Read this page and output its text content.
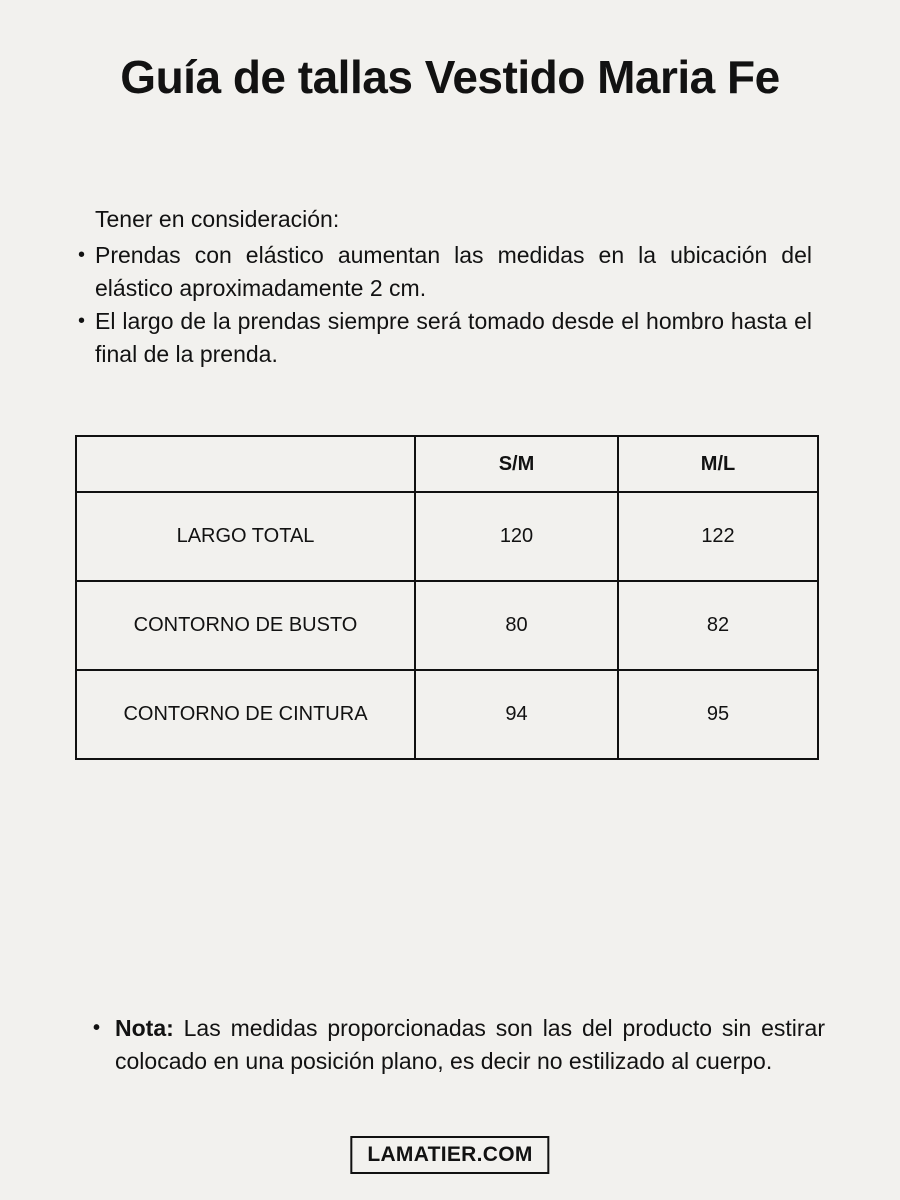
Guía de tallas Vestido Maria Fe

Tener en consideración:

• Prendas con elástico aumentan las medidas en la ubicación del elástico aproximadamente 2 cm.

• El largo de la prendas siempre será tomado desde el hombro hasta el final de la prenda.

	S/M	M/L
LARGO TOTAL	120	122
CONTORNO DE BUSTO	80	82
CONTORNO DE CINTURA	94	95
• Nota: Las medidas proporcionadas son las del producto sin estirar colocado en una posición plano, es decir no estilizado al cuerpo.

LAMATIER.COM
